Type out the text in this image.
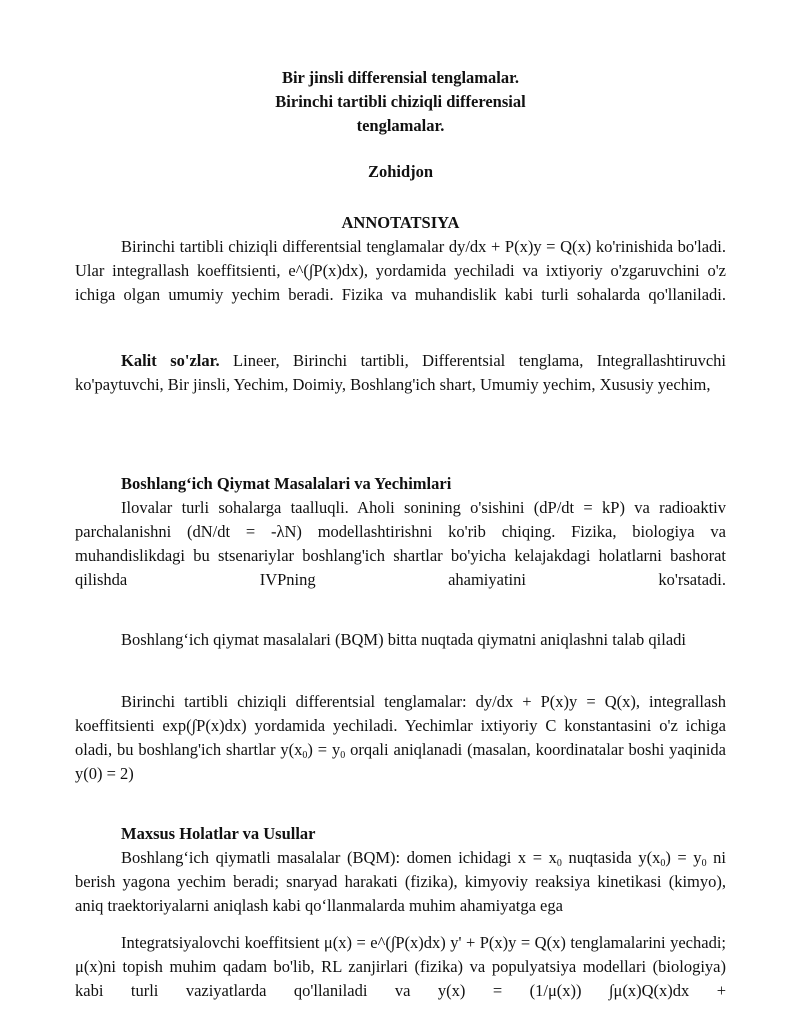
Bir jinsli differensial tenglamalar.
Birinchi tartibli chiziqli differensial
tenglamalar.
Zohidjon
ANNOTATSIYA

Birinchi tartibli chiziqli differentsial tenglamalar dy/dx + P(x)y = Q(x) ko'rinishida bo'ladi. Ular integrallash koeffitsienti, e^(∫P(x)dx), yordamida yechiladi va ixtiyoriy o'zgaruvchini o'z ichiga olgan umumiy yechim beradi. Fizika va muhandislik kabi turli sohalarda qo'llaniladi.

Kalit so'zlar. Lineer, Birinchi tartibli, Differentsial tenglama, Integrallashtiruvchi ko'paytuvchi, Bir jinsli, Yechim, Doimiy, Boshlang'ich shart, Umumiy yechim, Xususiy yechim,

Boshlang‘ich Qiymat Masalalari va Yechimlari

Ilovalar turli sohalarga taalluqli. Aholi sonining o'sishini (dP/dt = kP) va radioaktiv parchalanishni (dN/dt = -λN) modellashtirishni ko'rib chiqing. Fizika, biologiya va muhandislikdagi bu stsenariylar boshlang'ich shartlar bo'yicha kelajakdagi holatlarni bashorat qilishda IVPning ahamiyatini ko'rsatadi.

Boshlang‘ich qiymat masalalari (BQM) bitta nuqtada qiymatni aniqlashni talab qiladi

Birinchi tartibli chiziqli differentsial tenglamalar: dy/dx + P(x)y = Q(x), integrallash koeffitsienti exp(∫P(x)dx) yordamida yechiladi. Yechimlar ixtiyoriy C konstantasini o'z ichiga oladi, bu boshlang'ich shartlar $y(x_0) = y_0$ orqali aniqlanadi (masalan, koordinatalar boshi yaqinida y(0) = 2)

Maxsus Holatlar va Usullar

Boshlang‘ich qiymatli masalalar (BQM): domen ichidagi $x = x_0$ nuqtasida $y(x_0) = y_0$ ni berish yagona yechim beradi; snaryad harakati (fizika), kimyoviy reaksiya kinetikasi (kimyo), aniq traektoriyalarni aniqlash kabi qo‘llanmalarda muhim ahamiyatga ega

Integratsiyalovchi koeffitsient μ(x) = e^(∫P(x)dx) y' + P(x)y = Q(x) tenglamalarini yechadi; μ(x)ni topish muhim qadam bo'lib, RL zanjirlari (fizika) va populyatsiya modellari (biologiya) kabi turli vaziyatlarda qo'llaniladi va y(x) = (1/μ(x)) ∫μ(x)Q(x)dx +
